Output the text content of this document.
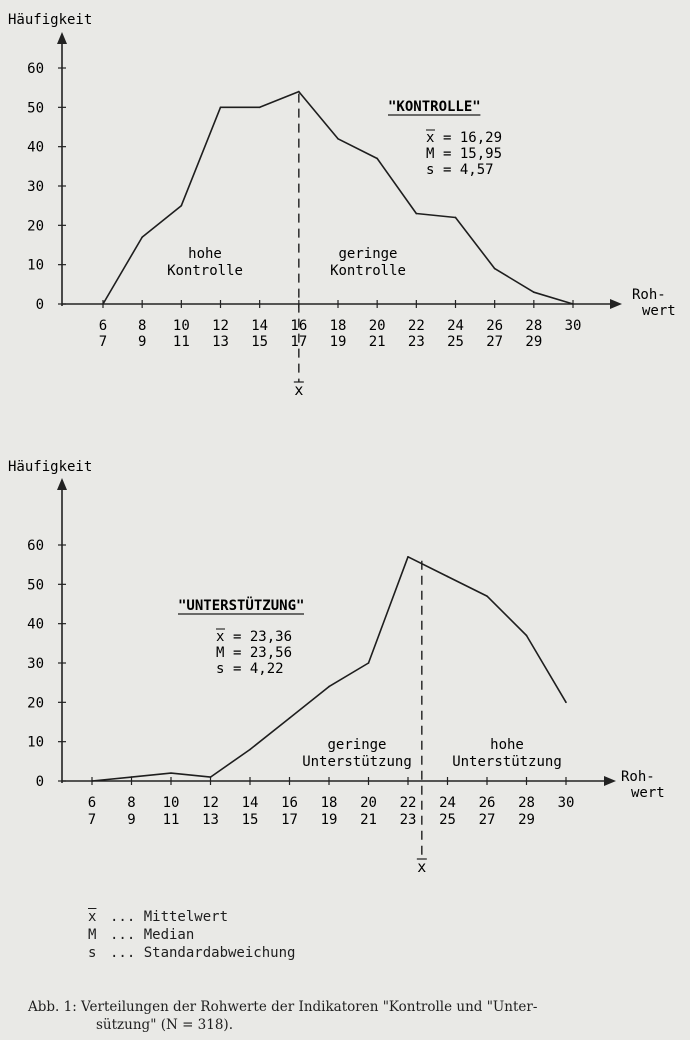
0
10
20
30
40
50
60
6 8 10 12 14 16 18 20 22 24 26 28 30
7 9 11 13 15 17 19 21 23 25 27 29
Häufigkeit
Roh-
wert
x
hohe
Kontrolle
geringe
Kontrolle
"KONTROLLE"
x = 16,29
M = 15,95
s = 4,57
0
10
20
30
40
50
60
6 8 10 12 14 16 18 20 22 24 26 28 30
7 9 11 13 15 17 19 21 23 25 27 29
Häufigkeit
Roh-
wert
x
geringe
Unterstützung
hohe
Unterstützung
"UNTERSTÜTZUNG"
x = 23,36
M = 23,56
s = 4,22
$\overline{x}$ ... Mittelwert
M ... Median
s ... Standardabweichung
Abb. 1: Verteilungen der Rohwerte der Indikatoren "Kontrolle und "Unter-
sützung" (N = 318).
